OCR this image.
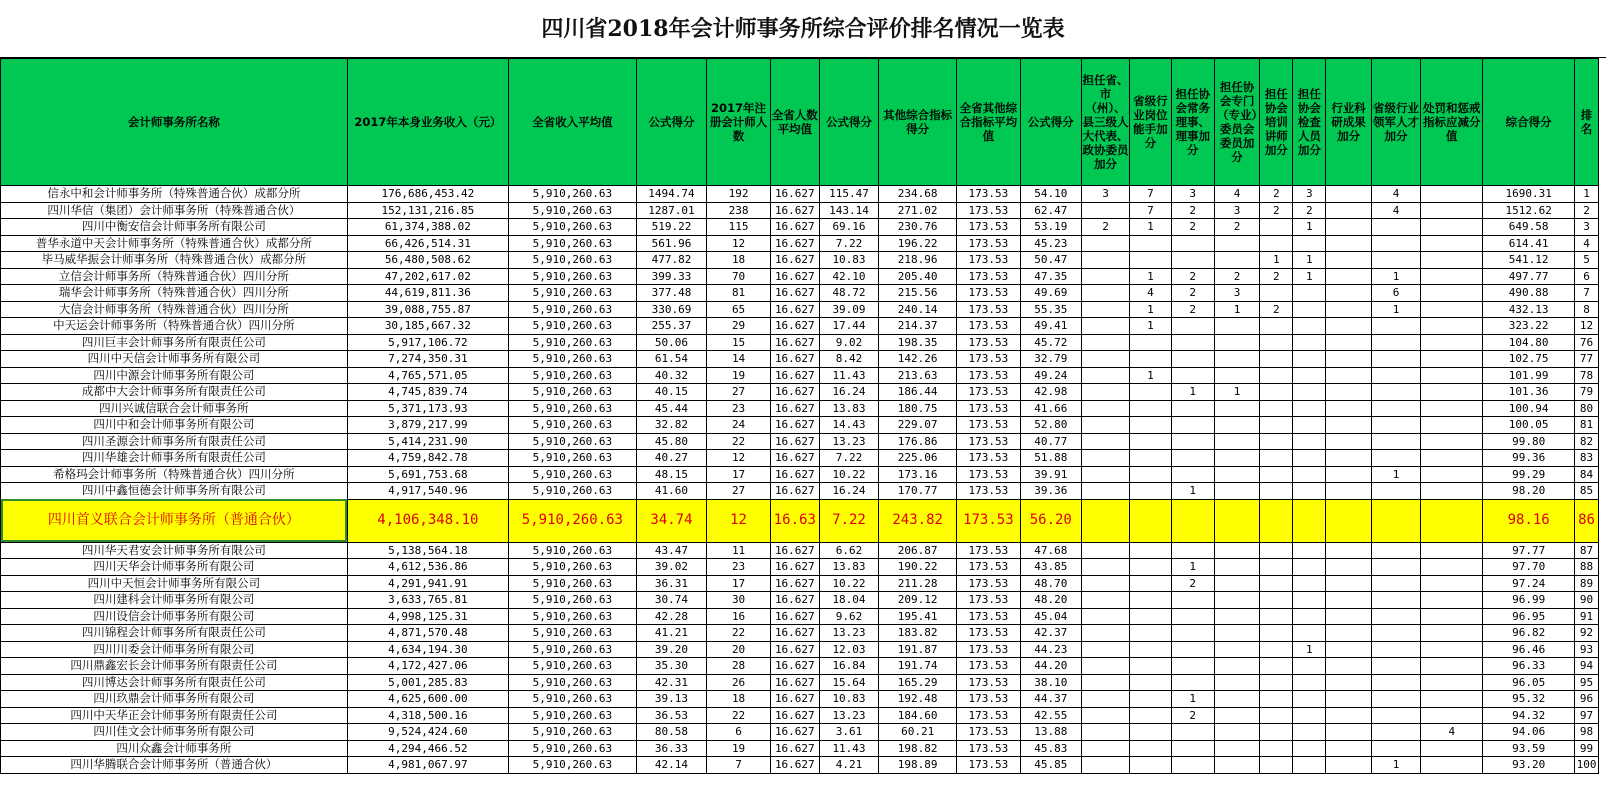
四川省2018年会计师事务所综合评价排名情况一览表
会计师事务所名称	2017年本身业务收入（元）	全省收入平均值	公式得分	2017年注册会计师人数	全省人数平均值	公式得分	其他综合指标得分	全省其他综合指标平均值	公式得分	担任省、市（州）、县三级人大代表、政协委员加分	省级行业岗位能手加分	担任协会常务理事、理事加分	担任协会专门（专业）委员会委员加分	担任协会培训讲师加分	担任协会检查人员加分	行业科研成果加分	省级行业领军人才加分	处罚和惩戒指标应减分值	综合得分	排名
信永中和会计师事务所（特殊普通合伙）成都分所	176,686,453.42	5,910,260.63	1494.74	192	16.627	115.47	234.68	173.53	54.10	3	7	3	4	2	3		4		1690.31	1
四川华信（集团）会计师事务所（特殊普通合伙）	152,131,216.85	5,910,260.63	1287.01	238	16.627	143.14	271.02	173.53	62.47		7	2	3	2	2		4		1512.62	2
四川中衡安信会计师事务所有限公司	61,374,388.02	5,910,260.63	519.22	115	16.627	69.16	230.76	173.53	53.19	2	1	2	2		1				649.58	3
普华永道中天会计师事务所（特殊普通合伙）成都分所	66,426,514.31	5,910,260.63	561.96	12	16.627	7.22	196.22	173.53	45.23										614.41	4
毕马威华振会计师事务所（特殊普通合伙）成都分所	56,480,508.62	5,910,260.63	477.82	18	16.627	10.83	218.96	173.53	50.47					1	1				541.12	5
立信会计师事务所（特殊普通合伙）四川分所	47,202,617.02	5,910,260.63	399.33	70	16.627	42.10	205.40	173.53	47.35		1	2	2	2	1		1		497.77	6
瑞华会计师事务所（特殊普通合伙）四川分所	44,619,811.36	5,910,260.63	377.48	81	16.627	48.72	215.56	173.53	49.69		4	2	3				6		490.88	7
大信会计师事务所（特殊普通合伙）四川分所	39,088,755.87	5,910,260.63	330.69	65	16.627	39.09	240.14	173.53	55.35		1	2	1	2			1		432.13	8
中天运会计师事务所（特殊普通合伙）四川分所	30,185,667.32	5,910,260.63	255.37	29	16.627	17.44	214.37	173.53	49.41		1								323.22	12
四川巨丰会计师事务所有限责任公司	5,917,106.72	5,910,260.63	50.06	15	16.627	9.02	198.35	173.53	45.72										104.80	76
四川中天信会计师事务所有限公司	7,274,350.31	5,910,260.63	61.54	14	16.627	8.42	142.26	173.53	32.79										102.75	77
四川中源会计师事务所有限公司	4,765,571.05	5,910,260.63	40.32	19	16.627	11.43	213.63	173.53	49.24		1								101.99	78
成都中大会计师事务所有限责任公司	4,745,839.74	5,910,260.63	40.15	27	16.627	16.24	186.44	173.53	42.98			1	1						101.36	79
四川兴诚信联合会计师事务所	5,371,173.93	5,910,260.63	45.44	23	16.627	13.83	180.75	173.53	41.66										100.94	80
四川中和会计师事务所有限公司	3,879,217.99	5,910,260.63	32.82	24	16.627	14.43	229.07	173.53	52.80										100.05	81
四川圣源会计师事务所有限责任公司	5,414,231.90	5,910,260.63	45.80	22	16.627	13.23	176.86	173.53	40.77										99.80	82
四川华雄会计师事务所有限责任公司	4,759,842.78	5,910,260.63	40.27	12	16.627	7.22	225.06	173.53	51.88										99.36	83
希格玛会计师事务所（特殊普通合伙）四川分所	5,691,753.68	5,910,260.63	48.15	17	16.627	10.22	173.16	173.53	39.91								1		99.29	84
四川中鑫恒德会计师事务所有限公司	4,917,540.96	5,910,260.63	41.60	27	16.627	16.24	170.77	173.53	39.36			1							98.20	85
四川首义联合会计师事务所（普通合伙）	4,106,348.10	5,910,260.63	34.74	12	16.63	7.22	243.82	173.53	56.20										98.16	86
四川华天君安会计师事务所有限公司	5,138,564.18	5,910,260.63	43.47	11	16.627	6.62	206.87	173.53	47.68										97.77	87
四川天华会计师事务所有限公司	4,612,536.86	5,910,260.63	39.02	23	16.627	13.83	190.22	173.53	43.85			1							97.70	88
四川中天恒会计师事务所有限公司	4,291,941.91	5,910,260.63	36.31	17	16.627	10.22	211.28	173.53	48.70			2							97.24	89
四川建科会计师事务所有限公司	3,633,765.81	5,910,260.63	30.74	30	16.627	18.04	209.12	173.53	48.20										96.99	90
四川设信会计师事务所有限公司	4,998,125.31	5,910,260.63	42.28	16	16.627	9.62	195.41	173.53	45.04										96.95	91
四川锦程会计师事务所有限责任公司	4,871,570.48	5,910,260.63	41.21	22	16.627	13.23	183.82	173.53	42.37										96.82	92
四川川委会计师事务所有限公司	4,634,194.30	5,910,260.63	39.20	20	16.627	12.03	191.87	173.53	44.23						1				96.46	93
四川鼎鑫宏长会计师事务所有限责任公司	4,172,427.06	5,910,260.63	35.30	28	16.627	16.84	191.74	173.53	44.20										96.33	94
四川博达会计师事务所有限责任公司	5,001,285.83	5,910,260.63	42.31	26	16.627	15.64	165.29	173.53	38.10										96.05	95
四川玖鼎会计师事务所有限公司	4,625,600.00	5,910,260.63	39.13	18	16.627	10.83	192.48	173.53	44.37			1							95.32	96
四川中天华正会计师事务所有限责任公司	4,318,500.16	5,910,260.63	36.53	22	16.627	13.23	184.60	173.53	42.55			2							94.32	97
四川佳文会计师事务所有限公司	9,524,424.60	5,910,260.63	80.58	6	16.627	3.61	60.21	173.53	13.88									4	94.06	98
四川众鑫会计师事务所	4,294,466.52	5,910,260.63	36.33	19	16.627	11.43	198.82	173.53	45.83										93.59	99
四川华腾联合会计师事务所（普通合伙）	4,981,067.97	5,910,260.63	42.14	7	16.627	4.21	198.89	173.53	45.85								1		93.20	100
